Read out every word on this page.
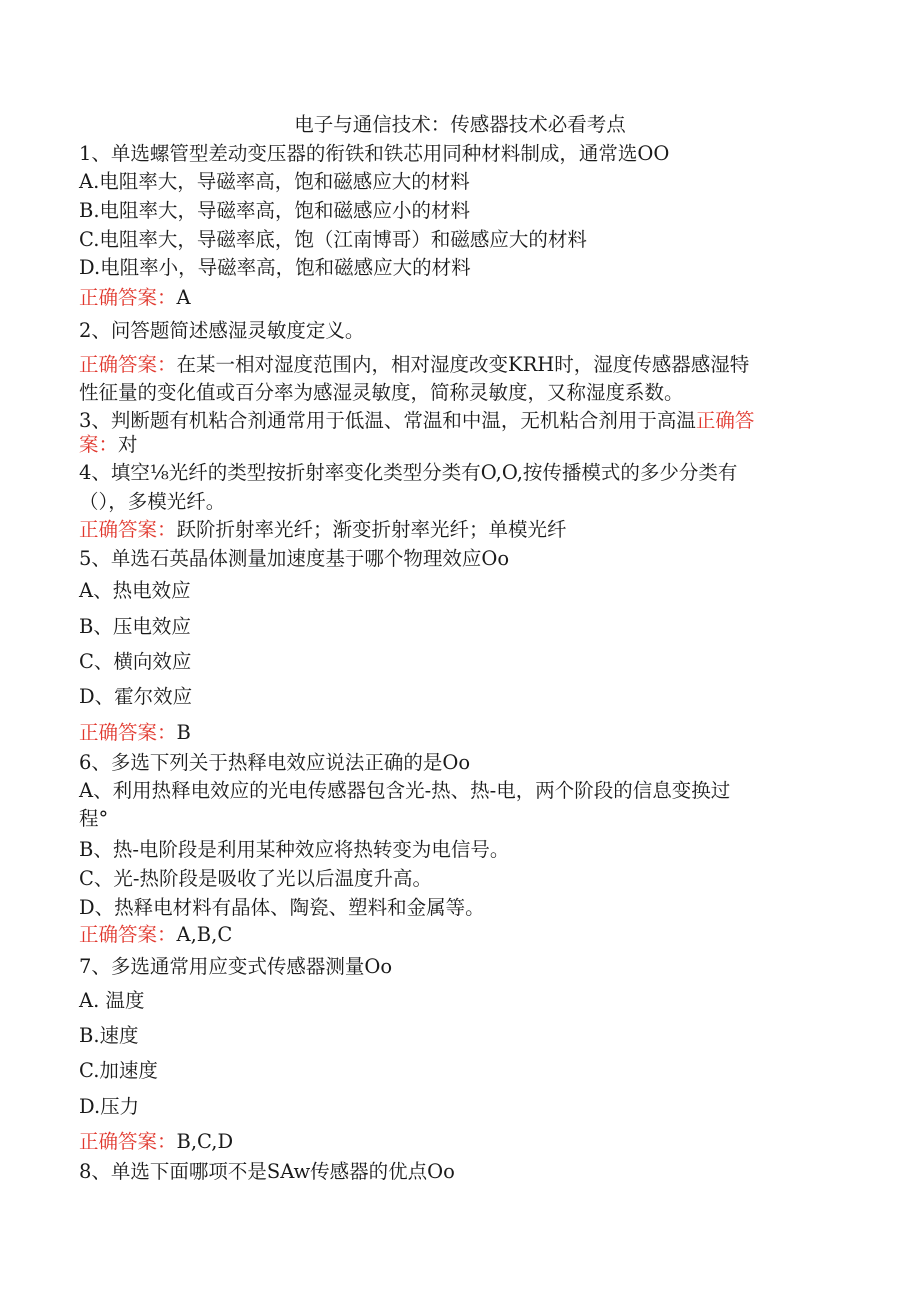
电子与通信技术：传感器技术必看考点
1、单选螺管型差动变压器的衔铁和铁芯用同种材料制成，通常选OO
A.电阻率大，导磁率高，饱和磁感应大的材料
B.电阻率大，导磁率高，饱和磁感应小的材料
C.电阻率大，导磁率底，饱（江南博哥）和磁感应大的材料
D.电阻率小，导磁率高，饱和磁感应大的材料
正确答案：A
2、问答题简述感湿灵敏度定义。
正确答案：在某一相对湿度范围内，相对湿度改变KRH时，湿度传感器感湿特
性征量的变化值或百分率为感湿灵敏度，简称灵敏度，又称湿度系数。
3、判断题有机粘合剂通常用于低温、常温和中温，无机粘合剂用于高温正确答
案：对
4、填空⅛光纤的类型按折射率变化类型分类有O,O,按传播模式的多少分类有
（），多模光纤。
正确答案：跃阶折射率光纤；渐变折射率光纤；单模光纤
5、单选石英晶体测量加速度基于哪个物理效应Oo
A、热电效应
B、压电效应
C、横向效应
D、霍尔效应
正确答案：B
6、多选下列关于热释电效应说法正确的是Oo
A、利用热释电效应的光电传感器包含光-热、热-电，两个阶段的信息变换过
程°
B、热-电阶段是利用某种效应将热转变为电信号。
C、光-热阶段是吸收了光以后温度升高。
D、热释电材料有晶体、陶瓷、塑料和金属等。
正确答案：A,B,C
7、多选通常用应变式传感器测量Oo
A. 温度
B.速度
C.加速度
D.压力
正确答案：B,C,D
8、单选下面哪项不是SAw传感器的优点Oo
